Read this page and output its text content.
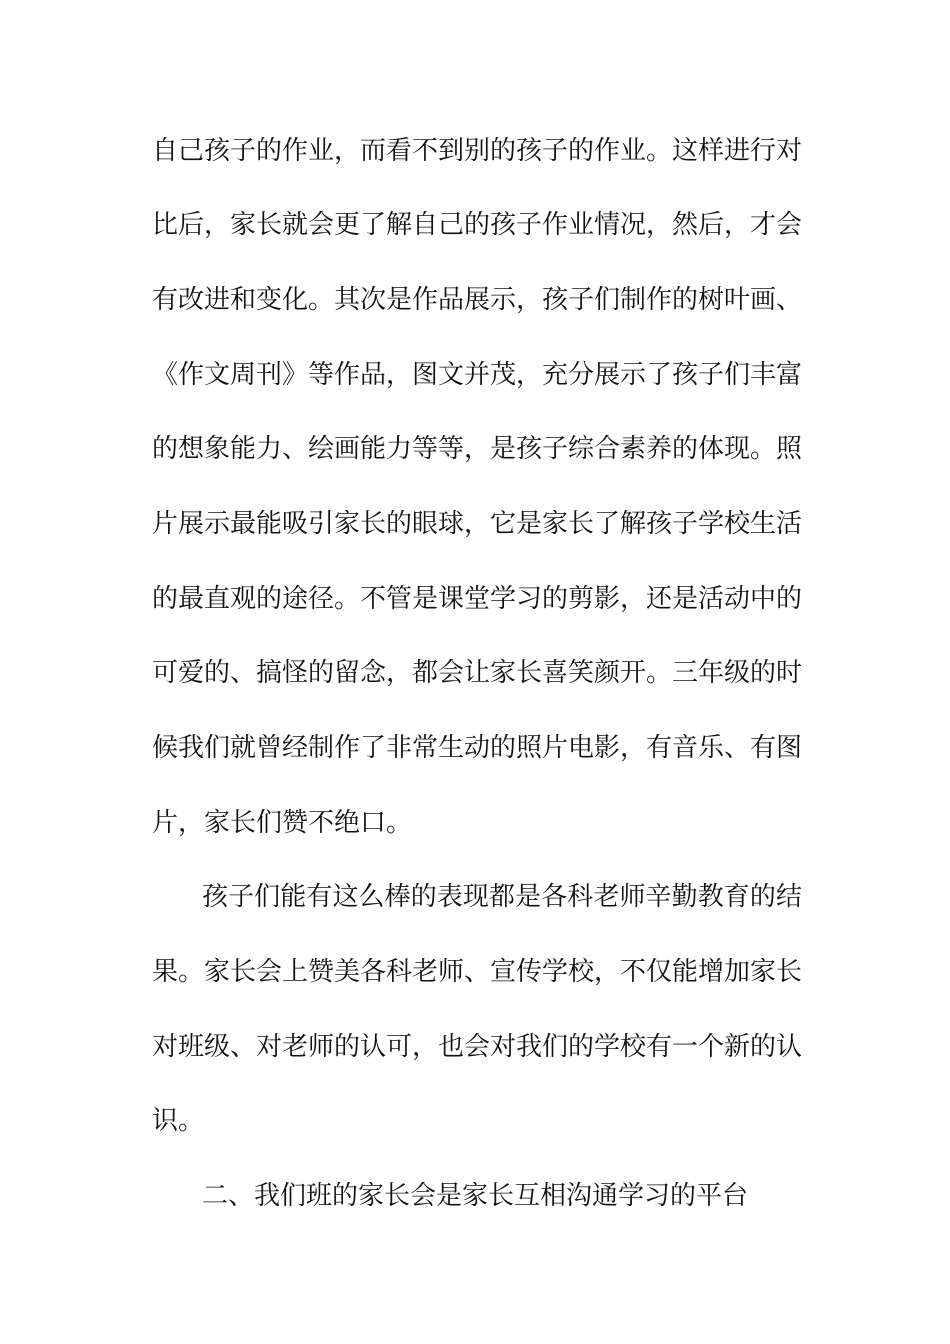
自己孩子的作业，而看不到别的孩子的作业。这样进行对
比后，家长就会更了解自己的孩子作业情况，然后，才会
有改进和变化。其次是作品展示，孩子们制作的树叶画、
《作文周刊》等作品，图文并茂，充分展示了孩子们丰富
的想象能力、绘画能力等等，是孩子综合素养的体现。照
片展示最能吸引家长的眼球，它是家长了解孩子学校生活
的最直观的途径。不管是课堂学习的剪影，还是活动中的
可爱的、搞怪的留念，都会让家长喜笑颜开。三年级的时
候我们就曾经制作了非常生动的照片电影，有音乐、有图
片，家长们赞不绝口。
孩子们能有这么棒的表现都是各科老师辛勤教育的结
果。家长会上赞美各科老师、宣传学校，不仅能增加家长
对班级、对老师的认可，也会对我们的学校有一个新的认
识。
二、我们班的家长会是家长互相沟通学习的平台
